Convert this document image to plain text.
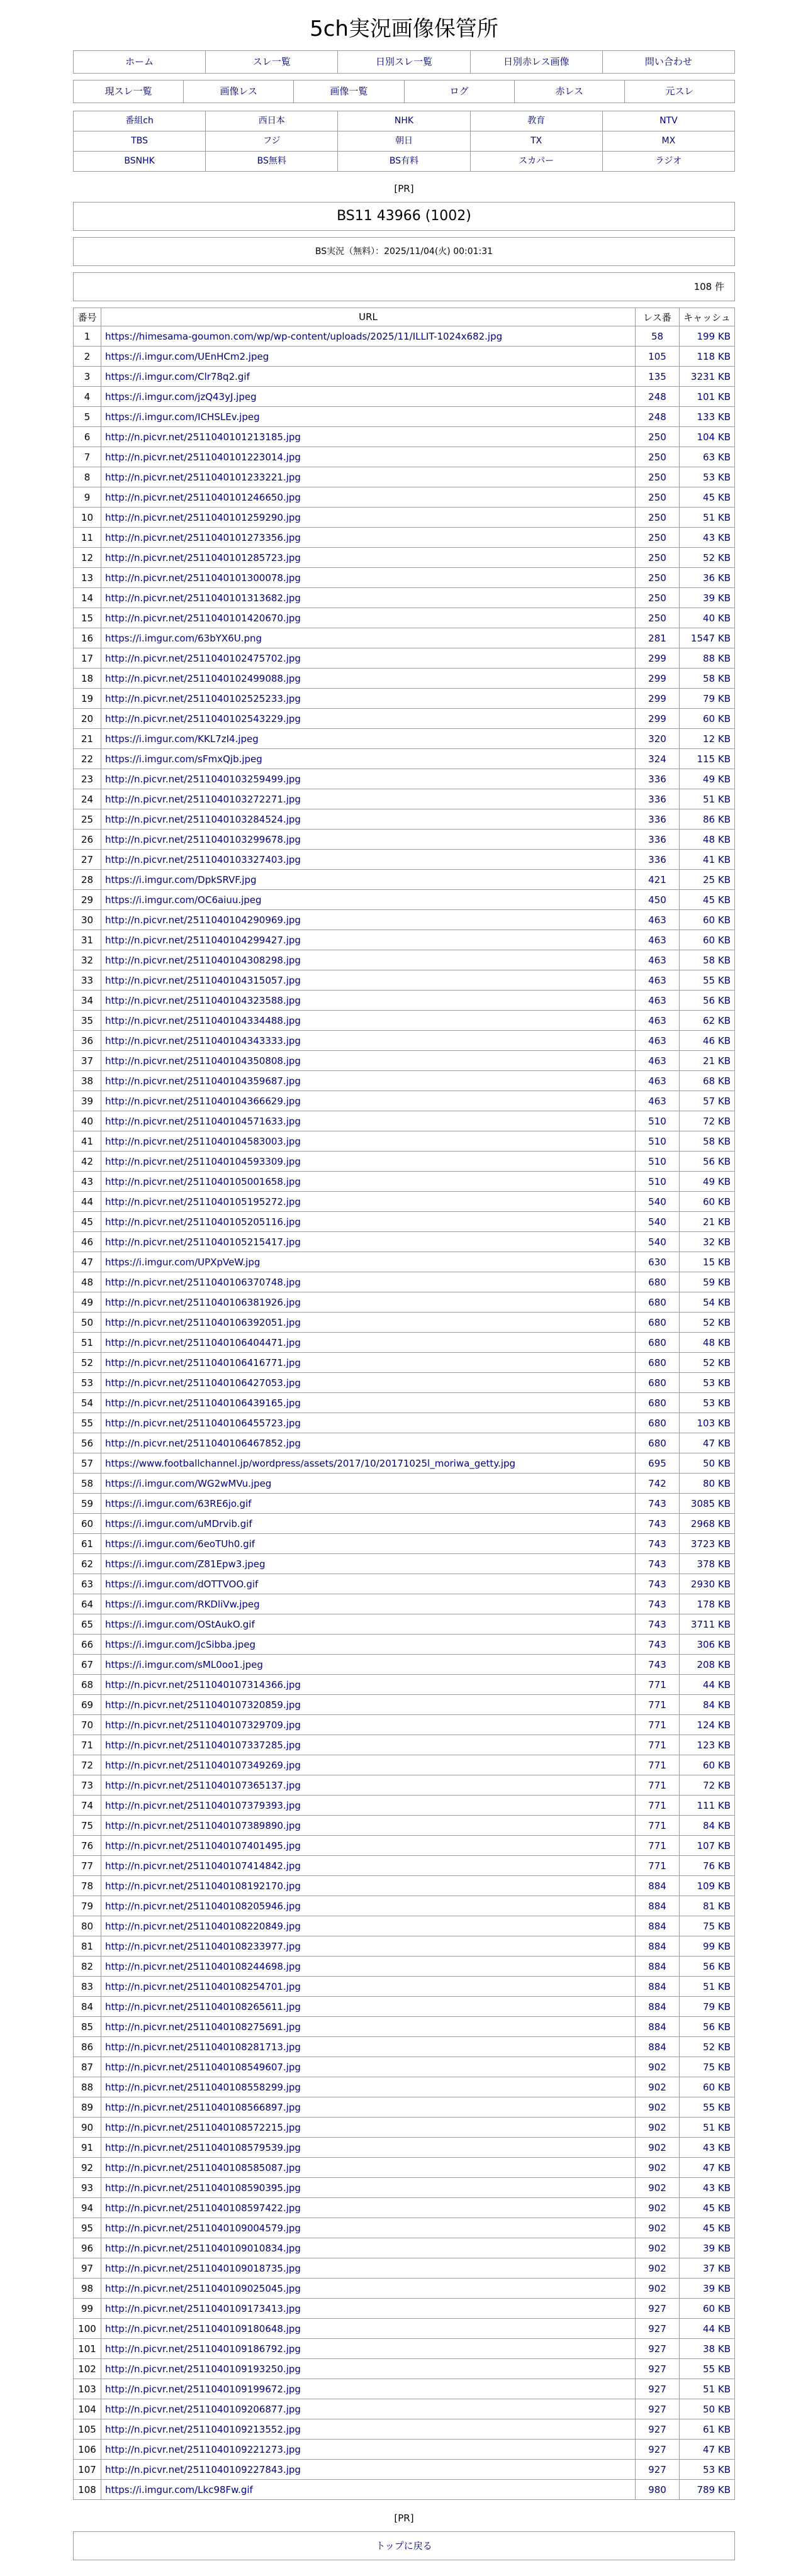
5ch実況画像保管所
ホーム	スレ一覧	日別スレ一覧	日別赤レス画像	問い合わせ
現スレ一覧	画像レス	画像一覧	ログ	赤レス	元スレ
番組ch	西日本	NHK	教育	NTV
TBS	フジ	朝日	TX	MX
BSNHK	BS無料	BS有料	スカパー	ラジオ
[PR]
BS11 43966 (1002)
BS実況（無料）：2025/11/04(火) 00:01:31
108 件
番号	URL	レス番	キャッシュ
1	https://himesama-goumon.com/wp/wp-content/uploads/2025/11/ILLIT-1024x682.jpg	58	199 KB
2	https://i.imgur.com/UEnHCm2.jpeg	105	118 KB
3	https://i.imgur.com/Clr78q2.gif	135	3231 KB
4	https://i.imgur.com/jzQ43yJ.jpeg	248	101 KB
5	https://i.imgur.com/ICHSLEv.jpeg	248	133 KB
6	http://n.picvr.net/2511040101213185.jpg	250	104 KB
7	http://n.picvr.net/2511040101223014.jpg	250	63 KB
8	http://n.picvr.net/2511040101233221.jpg	250	53 KB
9	http://n.picvr.net/2511040101246650.jpg	250	45 KB
10	http://n.picvr.net/2511040101259290.jpg	250	51 KB
11	http://n.picvr.net/2511040101273356.jpg	250	43 KB
12	http://n.picvr.net/2511040101285723.jpg	250	52 KB
13	http://n.picvr.net/2511040101300078.jpg	250	36 KB
14	http://n.picvr.net/2511040101313682.jpg	250	39 KB
15	http://n.picvr.net/2511040101420670.jpg	250	40 KB
16	https://i.imgur.com/63bYX6U.png	281	1547 KB
17	http://n.picvr.net/2511040102475702.jpg	299	88 KB
18	http://n.picvr.net/2511040102499088.jpg	299	58 KB
19	http://n.picvr.net/2511040102525233.jpg	299	79 KB
20	http://n.picvr.net/2511040102543229.jpg	299	60 KB
21	https://i.imgur.com/KKL7zI4.jpeg	320	12 KB
22	https://i.imgur.com/sFmxQjb.jpeg	324	115 KB
23	http://n.picvr.net/2511040103259499.jpg	336	49 KB
24	http://n.picvr.net/2511040103272271.jpg	336	51 KB
25	http://n.picvr.net/2511040103284524.jpg	336	86 KB
26	http://n.picvr.net/2511040103299678.jpg	336	48 KB
27	http://n.picvr.net/2511040103327403.jpg	336	41 KB
28	https://i.imgur.com/DpkSRVF.jpg	421	25 KB
29	https://i.imgur.com/OC6aiuu.jpeg	450	45 KB
30	http://n.picvr.net/2511040104290969.jpg	463	60 KB
31	http://n.picvr.net/2511040104299427.jpg	463	60 KB
32	http://n.picvr.net/2511040104308298.jpg	463	58 KB
33	http://n.picvr.net/2511040104315057.jpg	463	55 KB
34	http://n.picvr.net/2511040104323588.jpg	463	56 KB
35	http://n.picvr.net/2511040104334488.jpg	463	62 KB
36	http://n.picvr.net/2511040104343333.jpg	463	46 KB
37	http://n.picvr.net/2511040104350808.jpg	463	21 KB
38	http://n.picvr.net/2511040104359687.jpg	463	68 KB
39	http://n.picvr.net/2511040104366629.jpg	463	57 KB
40	http://n.picvr.net/2511040104571633.jpg	510	72 KB
41	http://n.picvr.net/2511040104583003.jpg	510	58 KB
42	http://n.picvr.net/2511040104593309.jpg	510	56 KB
43	http://n.picvr.net/2511040105001658.jpg	510	49 KB
44	http://n.picvr.net/2511040105195272.jpg	540	60 KB
45	http://n.picvr.net/2511040105205116.jpg	540	21 KB
46	http://n.picvr.net/2511040105215417.jpg	540	32 KB
47	https://i.imgur.com/UPXpVeW.jpg	630	15 KB
48	http://n.picvr.net/2511040106370748.jpg	680	59 KB
49	http://n.picvr.net/2511040106381926.jpg	680	54 KB
50	http://n.picvr.net/2511040106392051.jpg	680	52 KB
51	http://n.picvr.net/2511040106404471.jpg	680	48 KB
52	http://n.picvr.net/2511040106416771.jpg	680	52 KB
53	http://n.picvr.net/2511040106427053.jpg	680	53 KB
54	http://n.picvr.net/2511040106439165.jpg	680	53 KB
55	http://n.picvr.net/2511040106455723.jpg	680	103 KB
56	http://n.picvr.net/2511040106467852.jpg	680	47 KB
57	https://www.footballchannel.jp/wordpress/assets/2017/10/20171025l_moriwa_getty.jpg	695	50 KB
58	https://i.imgur.com/WG2wMVu.jpeg	742	80 KB
59	https://i.imgur.com/63RE6jo.gif	743	3085 KB
60	https://i.imgur.com/uMDrvib.gif	743	2968 KB
61	https://i.imgur.com/6eoTUh0.gif	743	3723 KB
62	https://i.imgur.com/Z81Epw3.jpeg	743	378 KB
63	https://i.imgur.com/dOTTVOO.gif	743	2930 KB
64	https://i.imgur.com/RKDliVw.jpeg	743	178 KB
65	https://i.imgur.com/OStAukO.gif	743	3711 KB
66	https://i.imgur.com/JcSibba.jpeg	743	306 KB
67	https://i.imgur.com/sML0oo1.jpeg	743	208 KB
68	http://n.picvr.net/2511040107314366.jpg	771	44 KB
69	http://n.picvr.net/2511040107320859.jpg	771	84 KB
70	http://n.picvr.net/2511040107329709.jpg	771	124 KB
71	http://n.picvr.net/2511040107337285.jpg	771	123 KB
72	http://n.picvr.net/2511040107349269.jpg	771	60 KB
73	http://n.picvr.net/2511040107365137.jpg	771	72 KB
74	http://n.picvr.net/2511040107379393.jpg	771	111 KB
75	http://n.picvr.net/2511040107389890.jpg	771	84 KB
76	http://n.picvr.net/2511040107401495.jpg	771	107 KB
77	http://n.picvr.net/2511040107414842.jpg	771	76 KB
78	http://n.picvr.net/2511040108192170.jpg	884	109 KB
79	http://n.picvr.net/2511040108205946.jpg	884	81 KB
80	http://n.picvr.net/2511040108220849.jpg	884	75 KB
81	http://n.picvr.net/2511040108233977.jpg	884	99 KB
82	http://n.picvr.net/2511040108244698.jpg	884	56 KB
83	http://n.picvr.net/2511040108254701.jpg	884	51 KB
84	http://n.picvr.net/2511040108265611.jpg	884	79 KB
85	http://n.picvr.net/2511040108275691.jpg	884	56 KB
86	http://n.picvr.net/2511040108281713.jpg	884	52 KB
87	http://n.picvr.net/2511040108549607.jpg	902	75 KB
88	http://n.picvr.net/2511040108558299.jpg	902	60 KB
89	http://n.picvr.net/2511040108566897.jpg	902	55 KB
90	http://n.picvr.net/2511040108572215.jpg	902	51 KB
91	http://n.picvr.net/2511040108579539.jpg	902	43 KB
92	http://n.picvr.net/2511040108585087.jpg	902	47 KB
93	http://n.picvr.net/2511040108590395.jpg	902	43 KB
94	http://n.picvr.net/2511040108597422.jpg	902	45 KB
95	http://n.picvr.net/2511040109004579.jpg	902	45 KB
96	http://n.picvr.net/2511040109010834.jpg	902	39 KB
97	http://n.picvr.net/2511040109018735.jpg	902	37 KB
98	http://n.picvr.net/2511040109025045.jpg	902	39 KB
99	http://n.picvr.net/2511040109173413.jpg	927	60 KB
100	http://n.picvr.net/2511040109180648.jpg	927	44 KB
101	http://n.picvr.net/2511040109186792.jpg	927	38 KB
102	http://n.picvr.net/2511040109193250.jpg	927	55 KB
103	http://n.picvr.net/2511040109199672.jpg	927	51 KB
104	http://n.picvr.net/2511040109206877.jpg	927	50 KB
105	http://n.picvr.net/2511040109213552.jpg	927	61 KB
106	http://n.picvr.net/2511040109221273.jpg	927	47 KB
107	http://n.picvr.net/2511040109227843.jpg	927	53 KB
108	https://i.imgur.com/Lkc98Fw.gif	980	789 KB
[PR]
トップに戻る
